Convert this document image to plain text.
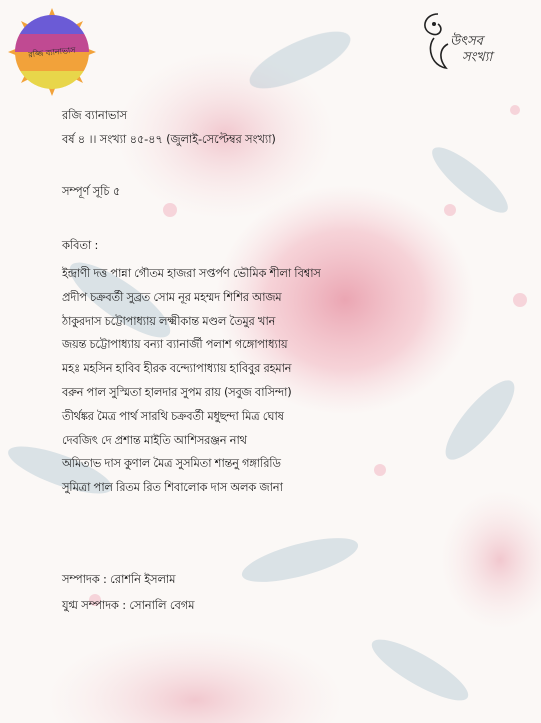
রজ্জি ব্যানাভাস
উৎসব
সংখ্যা
রজি ব্যানাভাস
বর্ষ ৪ ।। সংখ্যা ৪৫-৪৭ (জুলাই-সেপ্টেম্বর সংখ্যা)
সম্পূর্ণ সূচি ৫
কবিতা :
ইন্দ্রাণী দত্ত পান্না গৌতম হাজরা সপ্তর্পণ ভৌমিক শীলা বিশ্বাস
প্রদীপ চক্রবর্তী সুব্রত সোম নূর মহম্মদ শিশির আজম
ঠাকুরদাস চট্টোপাধ্যায় লক্ষ্মীকান্ত মণ্ডল তৈমুর খান
জয়ন্ত চট্টোপাধ্যায় বন্যা ব্যানার্জী পলাশ গঙ্গোপাধ্যায়
মহঃ মহসিন হাবিব হীরক বন্দ্যোপাধ্যায় হাবিবুর রহমান
বরুন পাল সুস্মিতা হালদার সুপম রায় (সবুজ বাসিন্দা)
তীর্থঙ্কর মৈত্র পার্থ সারথি চক্রবর্তী মধুছন্দা মিত্র ঘোষ
দেবজিৎ দে প্রশান্ত মাইতি আশিসরঞ্জন নাথ
অমিতাভ দাস কুণাল মৈত্র সুসমিতা শান্তনু গঙ্গারিডি
সুমিত্রা পাল রিতম রিত শিবালোক দাস অলক জানা
সম্পাদক : রোশনি ইসলাম
যুগ্ম সম্পাদক : সোনালি বেগম
